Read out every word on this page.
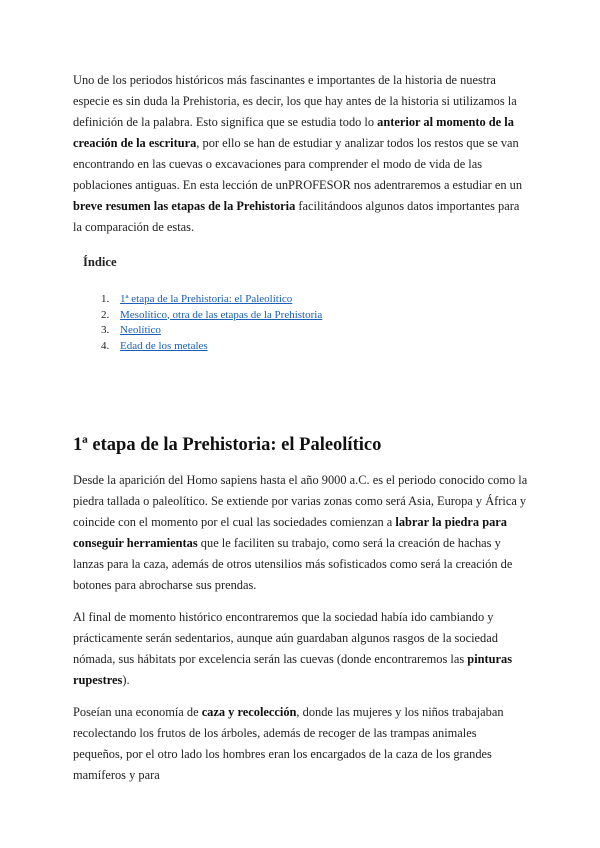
Uno de los periodos históricos más fascinantes e importantes de la historia de nuestra especie es sin duda la Prehistoria, es decir, los que hay antes de la historia si utilizamos la definición de la palabra. Esto significa que se estudia todo lo anterior al momento de la creación de la escritura, por ello se han de estudiar y analizar todos los restos que se van encontrando en las cuevas o excavaciones para comprender el modo de vida de las poblaciones antiguas. En esta lección de unPROFESOR nos adentraremos a estudiar en un breve resumen las etapas de la Prehistoria facilitándoos algunos datos importantes para la comparación de estas.

Índice
1. 1ª etapa de la Prehistoria: el Paleolítico
2. Mesolítico, otra de las etapas de la Prehistoria
3. Neolítico
4. Edad de los metales
1ª etapa de la Prehistoria: el Paleolítico

Desde la aparición del Homo sapiens hasta el año 9000 a.C. es el periodo conocido como la piedra tallada o paleolítico. Se extiende por varias zonas como será Asia, Europa y África y coincide con el momento por el cual las sociedades comienzan a labrar la piedra para conseguir herramientas que le faciliten su trabajo, como será la creación de hachas y lanzas para la caza, además de otros utensilios más sofisticados como será la creación de botones para abrocharse sus prendas.

Al final de momento histórico encontraremos que la sociedad había ido cambiando y prácticamente serán sedentarios, aunque aún guardaban algunos rasgos de la sociedad nómada, sus hábitats por excelencia serán las cuevas (donde encontraremos las pinturas rupestres).

Poseían una economía de caza y recolección, donde las mujeres y los niños trabajaban recolectando los frutos de los árboles, además de recoger de las trampas animales pequeños, por el otro lado los hombres eran los encargados de la caza de los grandes mamíferos y para
